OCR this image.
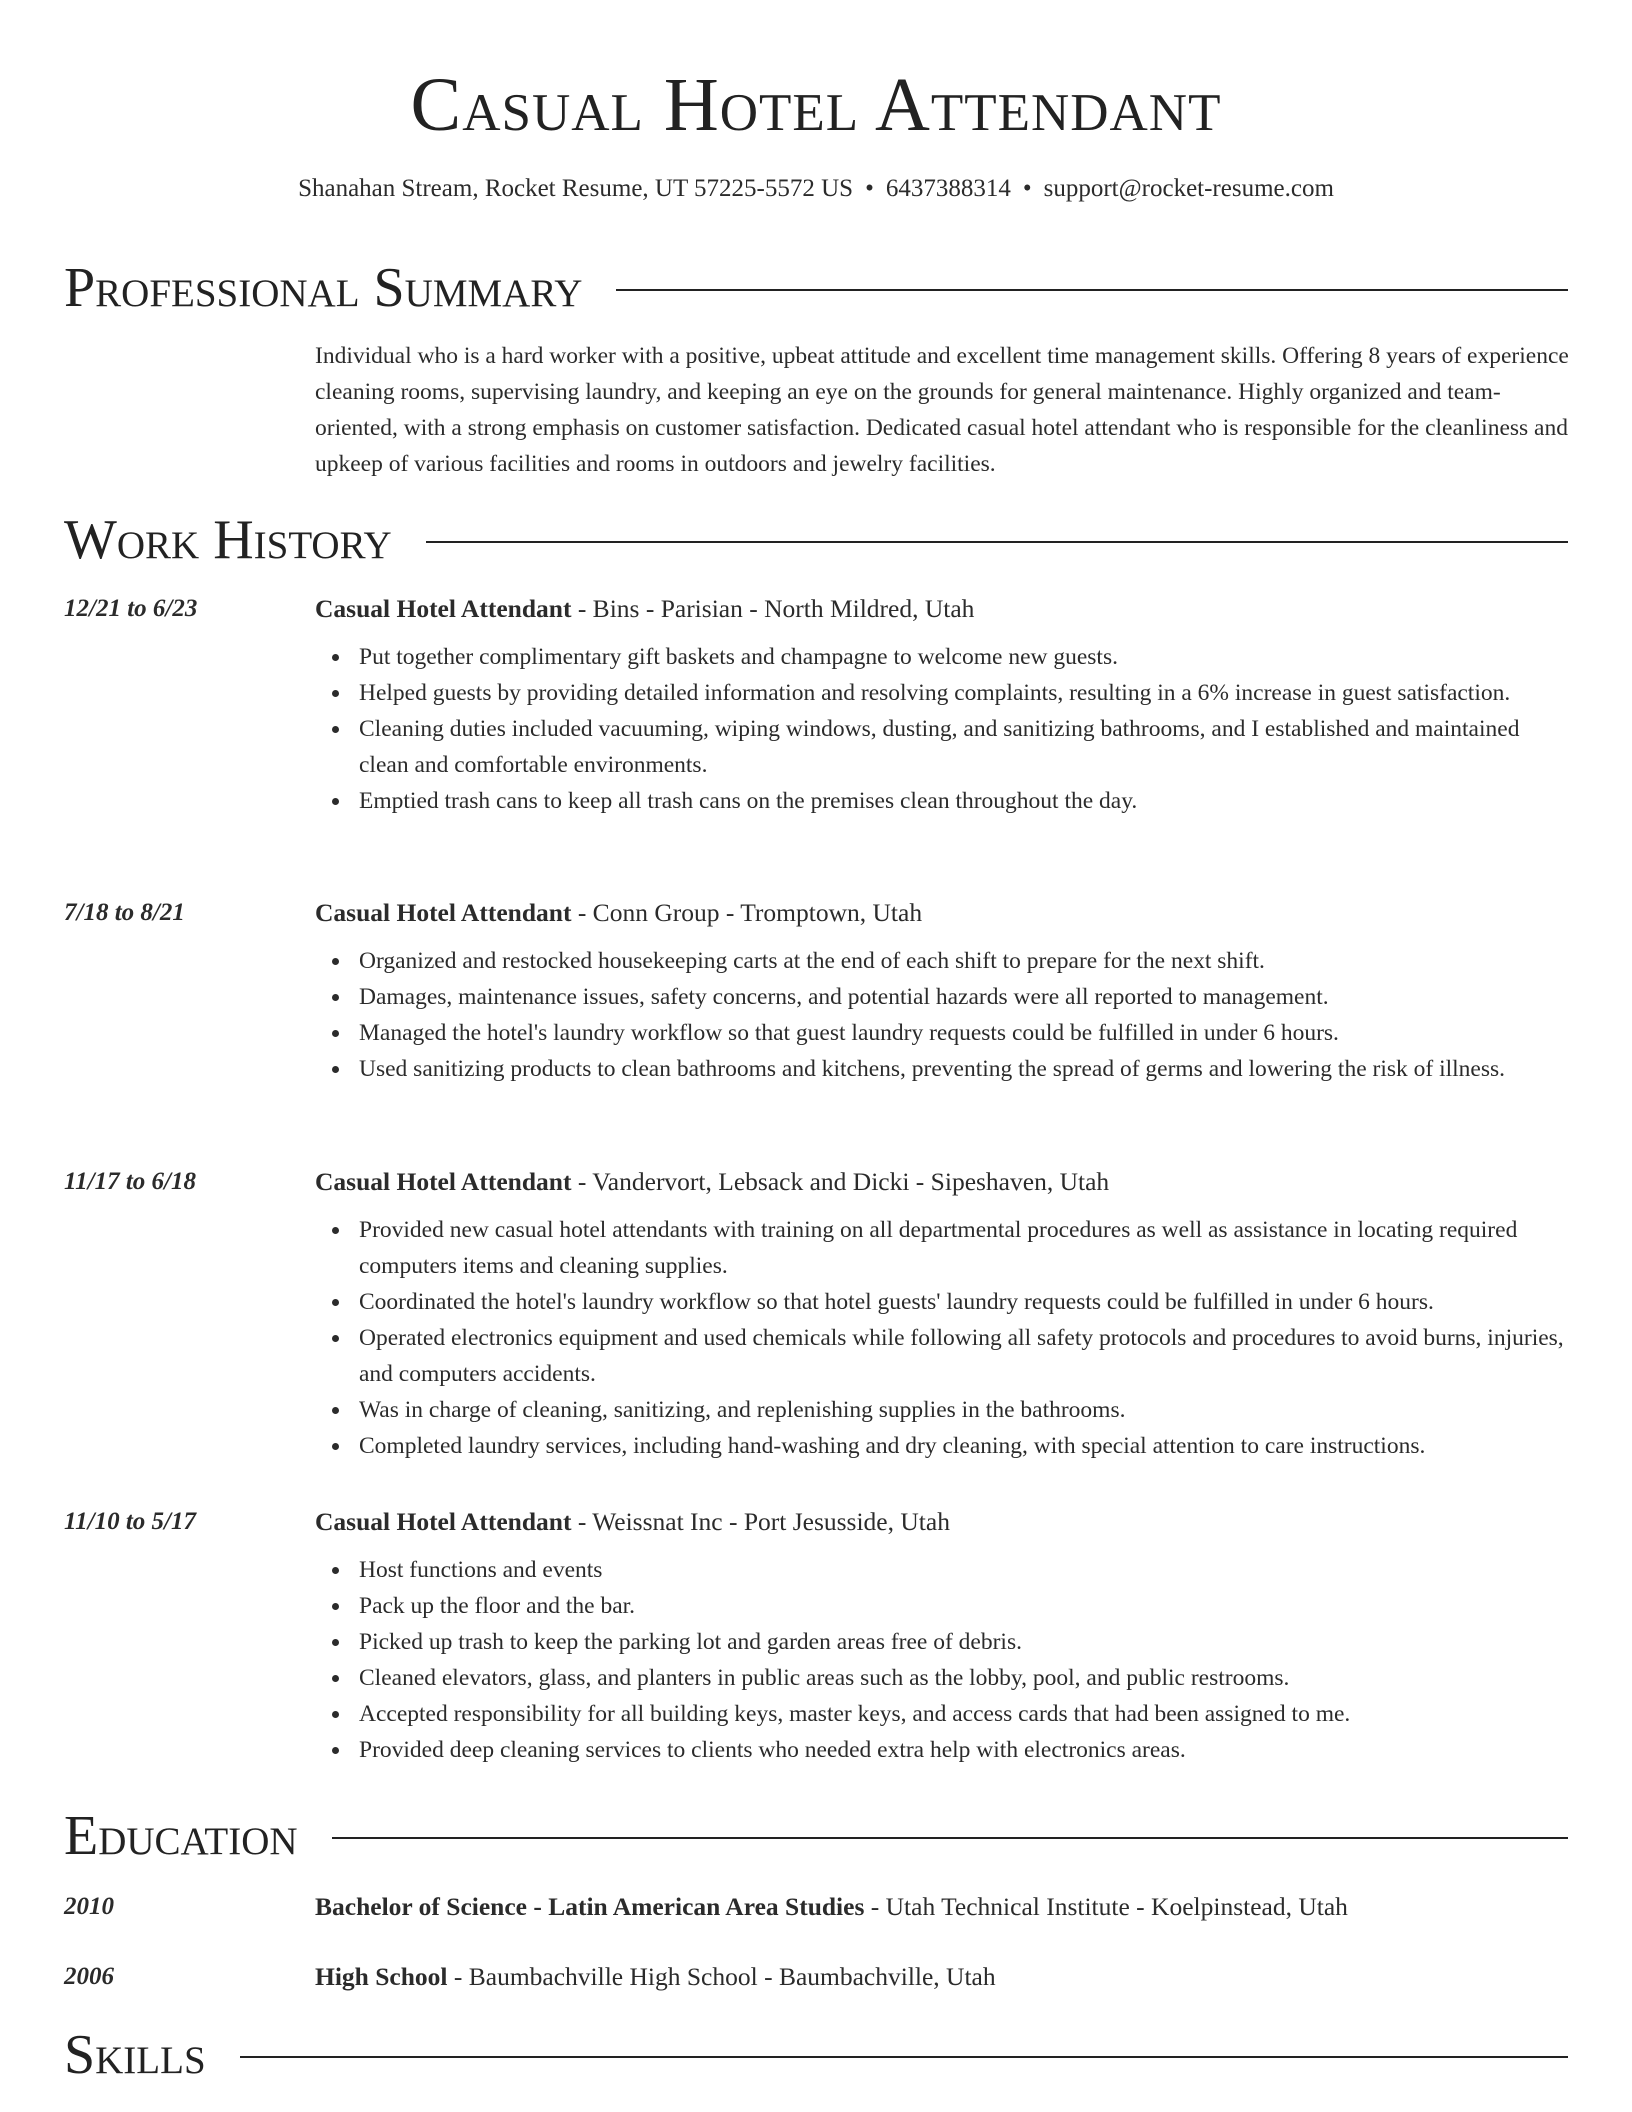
Casual Hotel Attendant
Shanahan Stream, Rocket Resume, UT 57225-5572 US • 6437388314 • support@rocket-resume.com
Professional Summary

Individual who is a hard worker with a positive, upbeat attitude and excellent time management skills. Offering 8 years of experience cleaning rooms, supervising laundry, and keeping an eye on the grounds for general maintenance. Highly organized and team-oriented, with a strong emphasis on customer satisfaction. Dedicated casual hotel attendant who is responsible for the cleanliness and upkeep of various facilities and rooms in outdoors and jewelry facilities.

Work History
12/21 to 6/23	Casual Hotel Attendant - Bins - Parisian - North Mildred, Utah
Put together complimentary gift baskets and champagne to welcome new guests.
Helped guests by providing detailed information and resolving complaints, resulting in a 6% increase in guest satisfaction.
Cleaning duties included vacuuming, wiping windows, dusting, and sanitizing bathrooms, and I established and maintained clean and comfortable environments.
Emptied trash cans to keep all trash cans on the premises clean throughout the day.
7/18 to 8/21	Casual Hotel Attendant - Conn Group - Tromptown, Utah
Organized and restocked housekeeping carts at the end of each shift to prepare for the next shift.
Damages, maintenance issues, safety concerns, and potential hazards were all reported to management.
Managed the hotel's laundry workflow so that guest laundry requests could be fulfilled in under 6 hours.
Used sanitizing products to clean bathrooms and kitchens, preventing the spread of germs and lowering the risk of illness.
11/17 to 6/18	Casual Hotel Attendant - Vandervort, Lebsack and Dicki - Sipeshaven, Utah
Provided new casual hotel attendants with training on all departmental procedures as well as assistance in locating required computers items and cleaning supplies.
Coordinated the hotel's laundry workflow so that hotel guests' laundry requests could be fulfilled in under 6 hours.
Operated electronics equipment and used chemicals while following all safety protocols and procedures to avoid burns, injuries, and computers accidents.
Was in charge of cleaning, sanitizing, and replenishing supplies in the bathrooms.
Completed laundry services, including hand-washing and dry cleaning, with special attention to care instructions.
11/10 to 5/17	Casual Hotel Attendant - Weissnat Inc - Port Jesusside, Utah
Host functions and events
Pack up the floor and the bar.
Picked up trash to keep the parking lot and garden areas free of debris.
Cleaned elevators, glass, and planters in public areas such as the lobby, pool, and public restrooms.
Accepted responsibility for all building keys, master keys, and access cards that had been assigned to me.
Provided deep cleaning services to clients who needed extra help with electronics areas.
Education
2010	Bachelor of Science - Latin American Area Studies - Utah Technical Institute - Koelpinstead, Utah
2006	High School - Baumbachville High School - Baumbachville, Utah
Skills
